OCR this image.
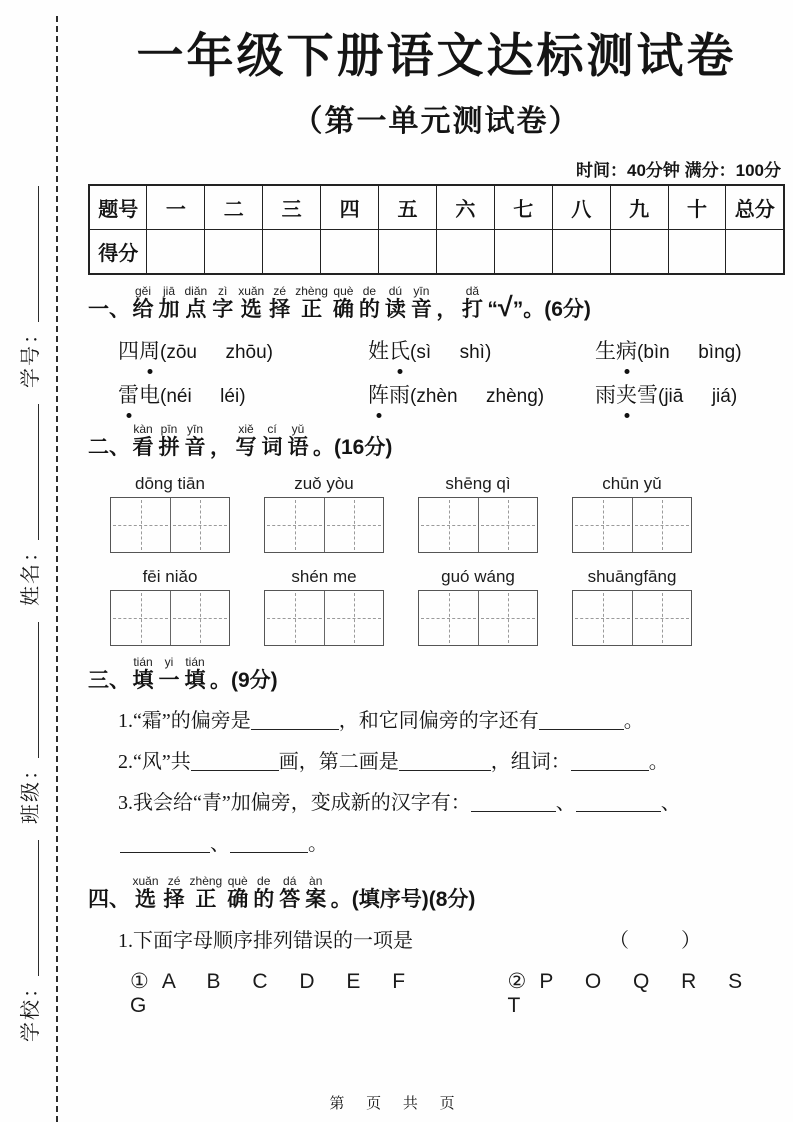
学校：
班级：
姓名：
学号：
一年级下册语文达标测试卷
（第一单元测试卷）
时间：40分钟 满分：100分
题号	一	二	三	四	五	六	七	八	九	十	总分
得分											
一、 给gěi加jiā点diǎn字zì选xuǎn择zé正zhèng确què的de读dú音yīn， 打dǎ
“√”。(6分)
四周(zōu  zhōu)	姓氏(sì  shì)	生病(bìn  bìng)
雷电(néi  léi)	阵雨(zhèn  zhèng)	雨夹雪(jiā  jiá)
二、 看kàn拼pīn音yīn， 写xiě词cí语yǔ
。(16分)
dōng tiān	zuǒ yòu	shēng qì	chūn yǔ
fēi niǎo	shén me	guó wáng	shuāngfāng
三、 填tián一yi填tián
。(9分)
1.“霜”的偏旁是	，和它同偏旁的字还有	。
2.“风”共	画，第二画是	，组词：	。
3.我会给“青”加偏旁，变成新的汉字有：	、	、
、	。
四、 选xuǎn择zé正zhèng确què的de答dá案àn
。(填序号)(8分)
1.下面字母顺序排列错误的一项是	（　　）
①A B C D E F G
②P O Q R S T
第 页 共 页
